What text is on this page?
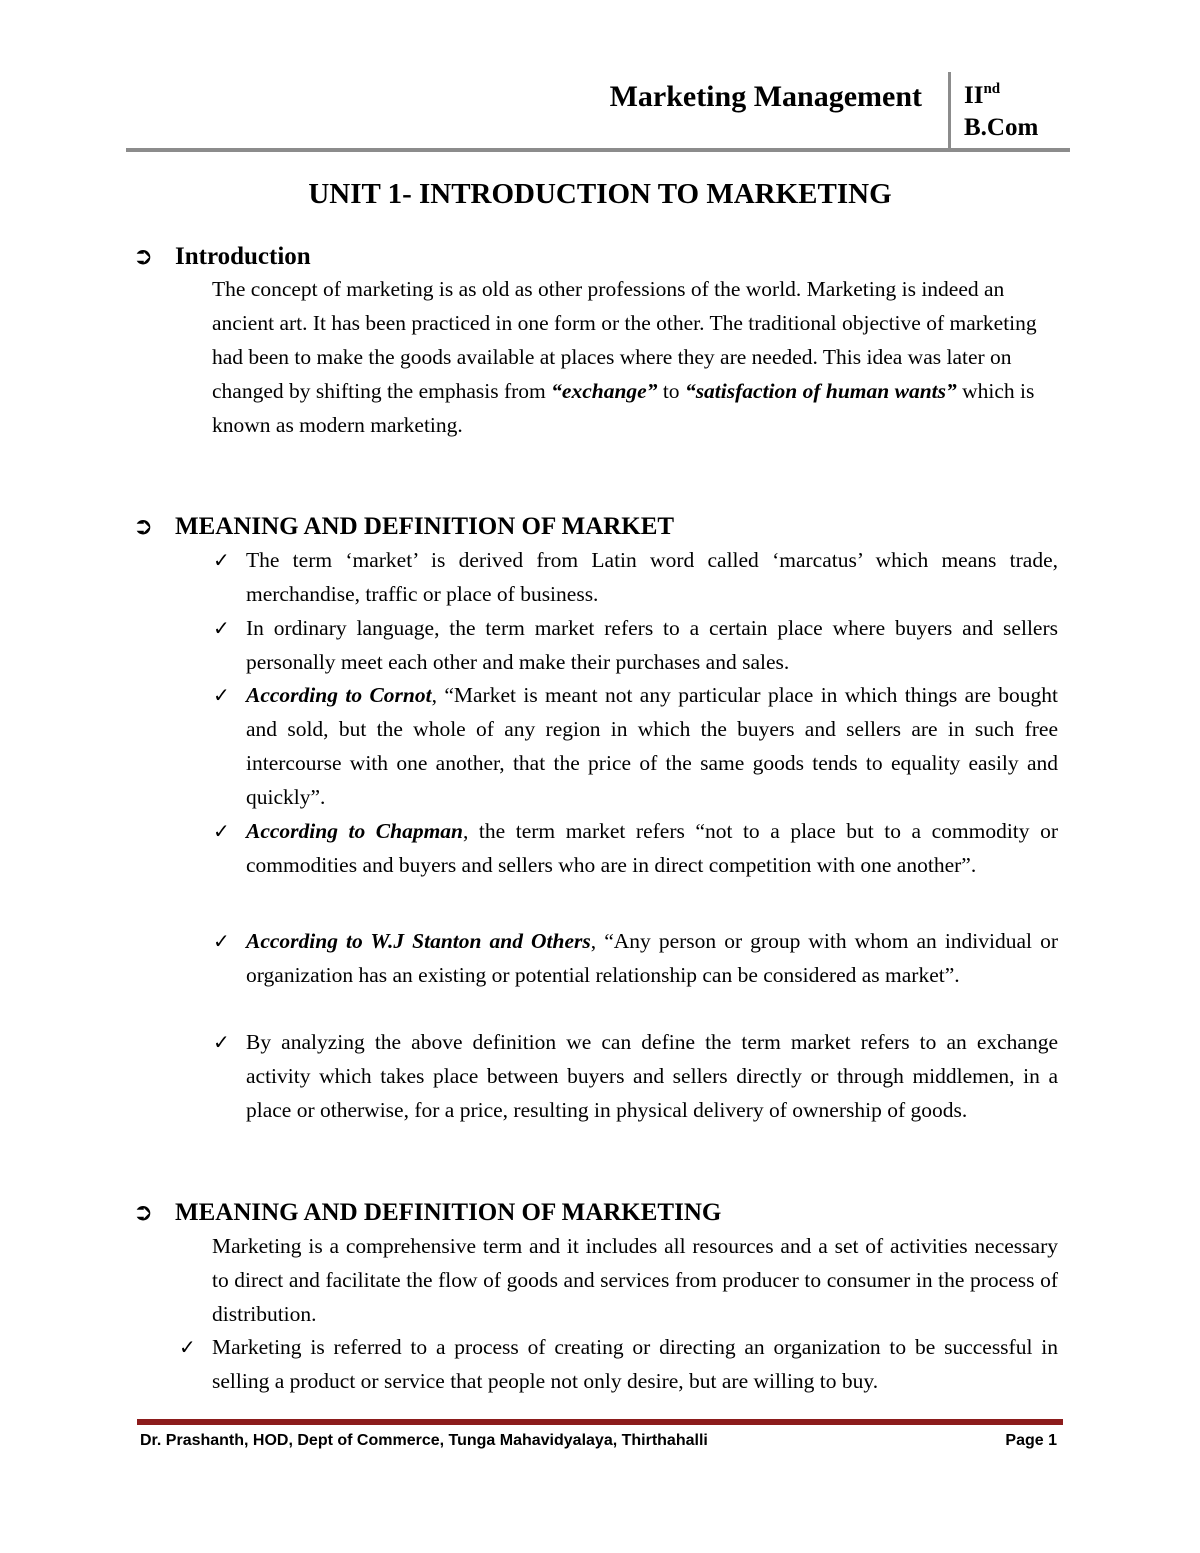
Marketing Management IInd
B.Com
UNIT 1- INTRODUCTION TO MARKETING
➲ Introduction
The concept of marketing is as old as other professions of the world. Marketing is indeed an ancient art. It has been practiced in one form or the other. The traditional objective of marketing had been to make the goods available at places where they are needed. This idea was later on changed by shifting the emphasis from “exchange” to “satisfaction of human wants” which is known as modern marketing.
➲ MEANING AND DEFINITION OF MARKET
✓ The term ‘market’ is derived from Latin word called ‘marcatus’ which means trade, merchandise, traffic or place of business.
✓ In ordinary language, the term market refers to a certain place where buyers and sellers personally meet each other and make their purchases and sales.
✓ According to Cornot, “Market is meant not any particular place in which things are bought and sold, but the whole of any region in which the buyers and sellers are in such free intercourse with one another, that the price of the same goods tends to equality easily and quickly”.
✓ According to Chapman, the term market refers “not to a place but to a commodity or commodities and buyers and sellers who are in direct competition with one another”.
✓ According to W.J Stanton and Others, “Any person or group with whom an individual or organization has an existing or potential relationship can be considered as market”.
✓ By analyzing the above definition we can define the term market refers to an exchange activity which takes place between buyers and sellers directly or through middlemen, in a place or otherwise, for a price, resulting in physical delivery of ownership of goods.
➲ MEANING AND DEFINITION OF MARKETING
Marketing is a comprehensive term and it includes all resources and a set of activities necessary to direct and facilitate the flow of goods and services from producer to consumer in the process of distribution.
✓ Marketing is referred to a process of creating or directing an organization to be successful in selling a product or service that people not only desire, but are willing to buy.
Dr. Prashanth, HOD, Dept of Commerce, Tunga Mahavidyalaya, Thirthahalli	Page 1
